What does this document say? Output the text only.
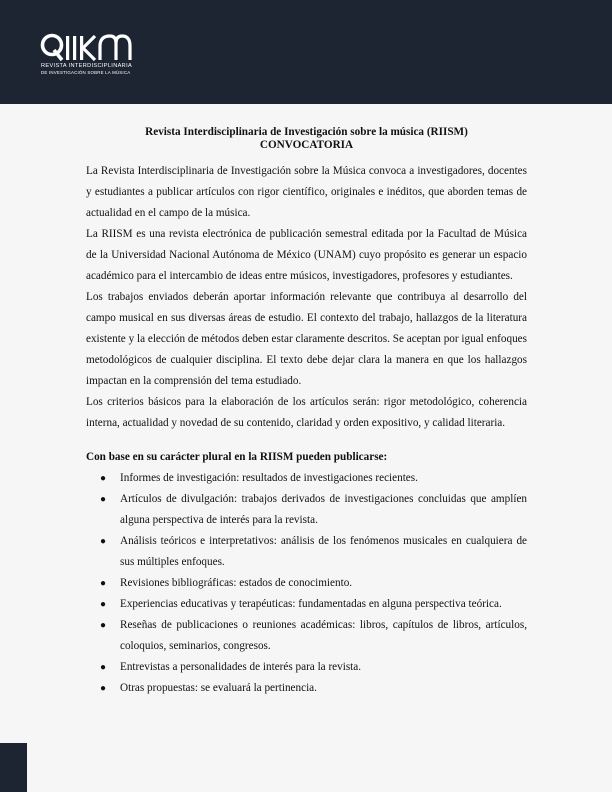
REVISTA INTERDISCIPLINARIA
DE INVESTIGACIÓN SOBRE LA MÚSICA
Revista Interdisciplinaria de Investigación sobre la música (RIISM)
CONVOCATORIA

La Revista Interdisciplinaria de Investigación sobre la Música convoca a investigadores, docentes y estudiantes a publicar artículos con rigor científico, originales e inéditos, que aborden temas de actualidad en el campo de la música.

La RIISM es una revista electrónica de publicación semestral editada por la Facultad de Música de la Universidad Nacional Autónoma de México (UNAM) cuyo propósito es generar un espacio académico para el intercambio de ideas entre músicos, investigadores, profesores y estudiantes.

Los trabajos enviados deberán aportar información relevante que contribuya al desarrollo del campo musical en sus diversas áreas de estudio. El contexto del trabajo, hallazgos de la literatura existente y la elección de métodos deben estar claramente descritos. Se aceptan por igual enfoques metodológicos de cualquier disciplina. El texto debe dejar clara la manera en que los hallazgos impactan en la comprensión del tema estudiado.

Los criterios básicos para la elaboración de los artículos serán: rigor metodológico, coherencia interna, actualidad y novedad de su contenido, claridad y orden expositivo, y calidad literaria.

Con base en su carácter plural en la RIISM pueden publicarse:
● Informes de investigación: resultados de investigaciones recientes.
● Artículos de divulgación: trabajos derivados de investigaciones concluidas que amplíen alguna perspectiva de interés para la revista.
● Análisis teóricos e interpretativos: análisis de los fenómenos musicales en cualquiera de sus múltiples enfoques.
● Revisiones bibliográficas: estados de conocimiento.
● Experiencias educativas y terapéuticas: fundamentadas en alguna perspectiva teórica.
● Reseñas de publicaciones o reuniones académicas: libros, capítulos de libros, artículos, coloquios, seminarios, congresos.
● Entrevistas a personalidades de interés para la revista.
● Otras propuestas: se evaluará la pertinencia.
